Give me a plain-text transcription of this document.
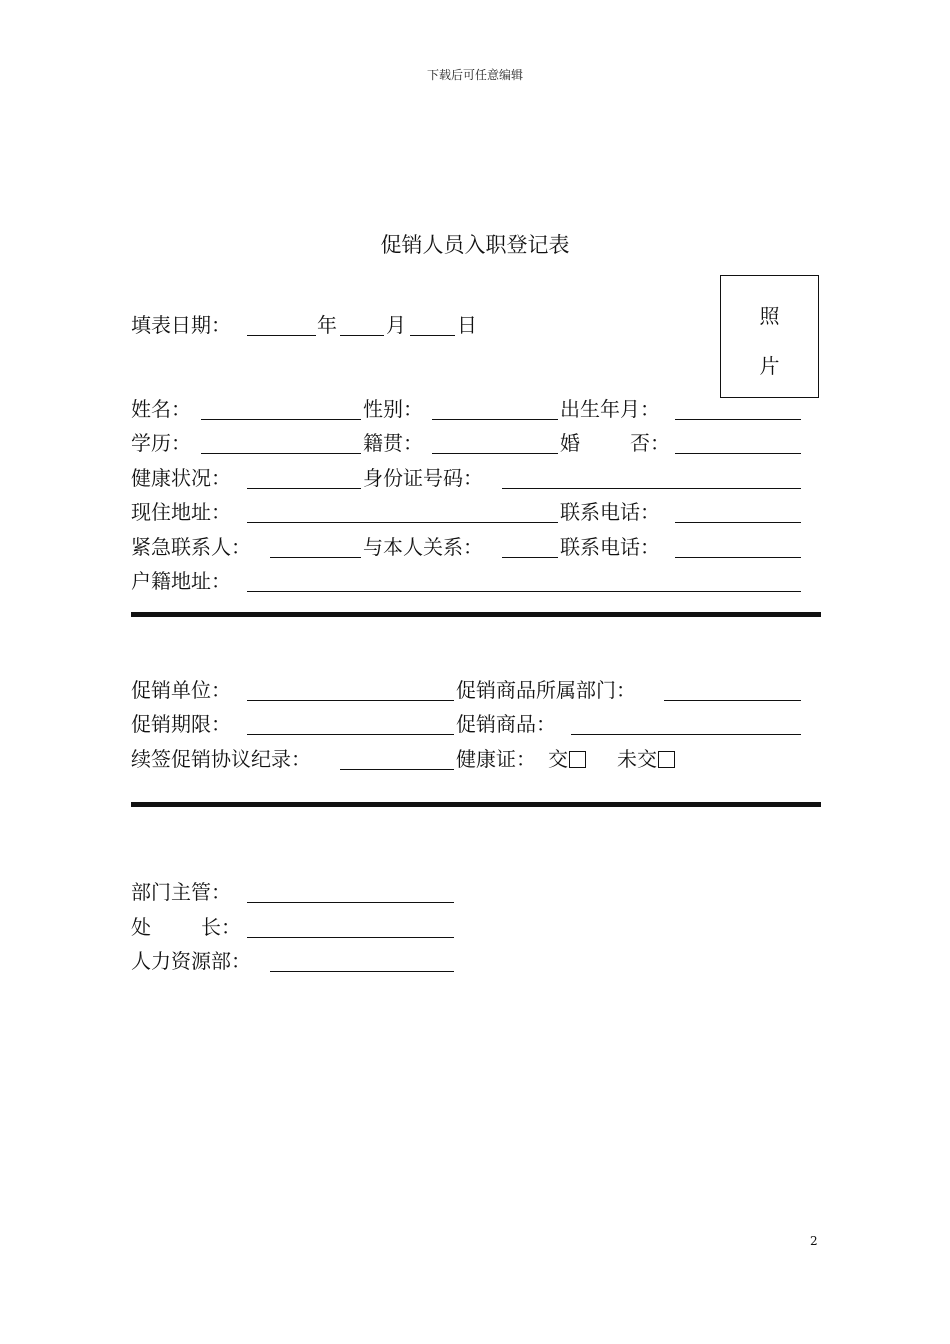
下载后可任意编辑
促销人员入职登记表
照
片
填表日期：	年 月	日
姓名：	性别：	出生年月：
学历：	籍贯：	婚	否：
健康状况：	身份证号码：
现住地址：	联系电话：
紧急联系人：	与本人关系：	联系电话：
户籍地址：
促销单位：	促销商品所属部门：
促销期限：	促销商品：
续签促销协议纪录：	健康证： 交	未交
部门主管：
处	长：
人力资源部：
2
